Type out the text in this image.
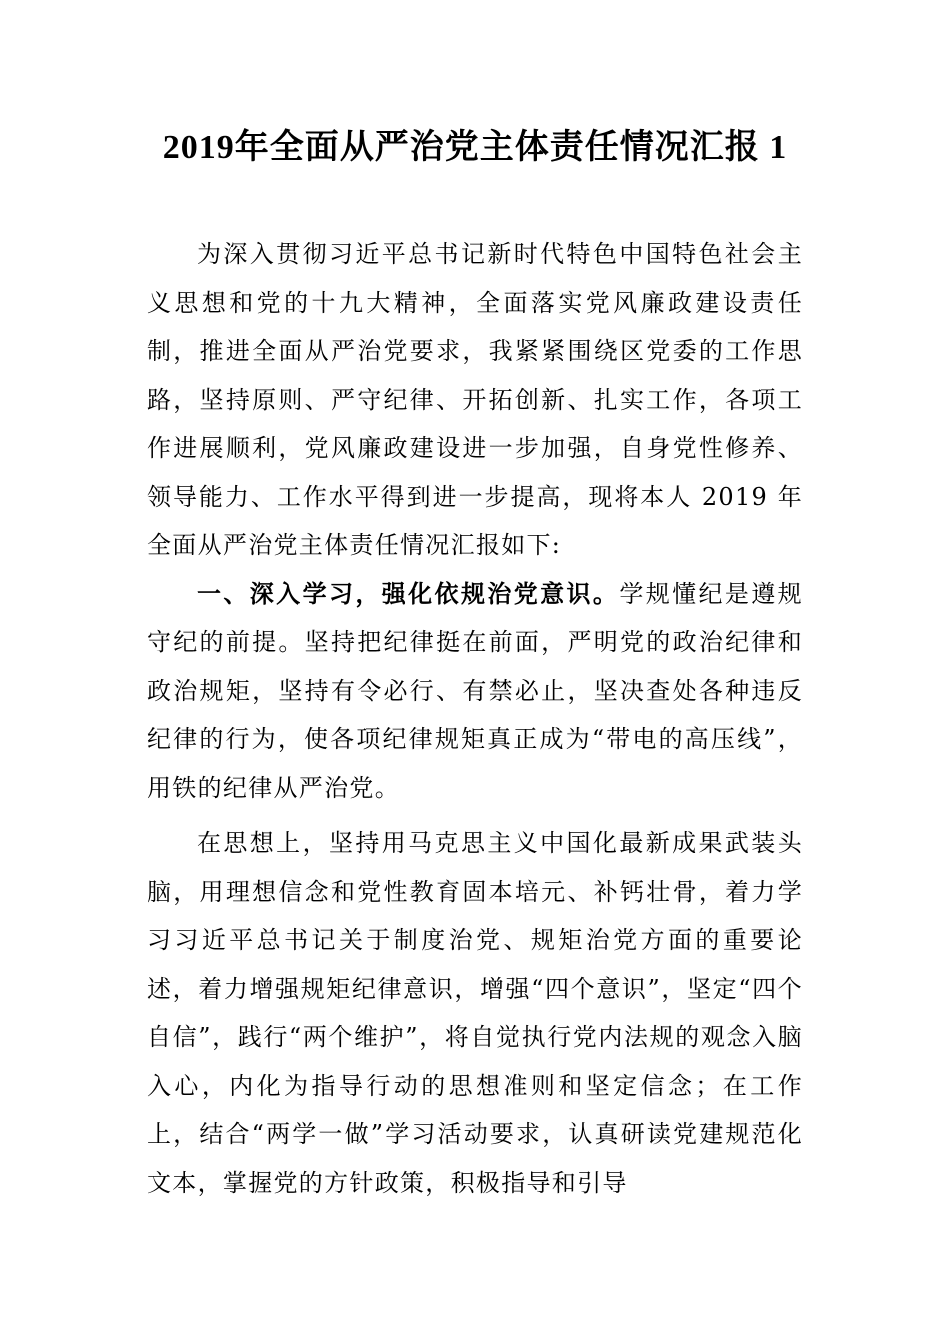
2019年全面从严治党主体责任情况汇报 1

为深入贯彻习近平总书记新时代特色中国特色社会主义思想和党的十九大精神，全面落实党风廉政建设责任制，推进全面从严治党要求，我紧紧围绕区党委的工作思路，坚持原则、严守纪律、开拓创新、扎实工作，各项工作进展顺利，党风廉政建设进一步加强，自身党性修养、领导能力、工作水平得到进一步提高，现将本人 2019 年全面从严治党主体责任情况汇报如下:

一、深入学习，强化依规治党意识。学规懂纪是遵规守纪的前提。坚持把纪律挺在前面，严明党的政治纪律和政治规矩，坚持有令必行、有禁必止，坚决查处各种违反纪律的行为，使各项纪律规矩真正成为“带电的高压线”，用铁的纪律从严治党。

在思想上，坚持用马克思主义中国化最新成果武装头脑，用理想信念和党性教育固本培元、补钙壮骨，着力学习习近平总书记关于制度治党、规矩治党方面的重要论述，着力增强规矩纪律意识，增强“四个意识”，坚定“四个自信”，践行“两个维护”，将自觉执行党内法规的观念入脑入心，内化为指导行动的思想准则和坚定信念；在工作上，结合“两学一做”学习活动要求，认真研读党建规范化文本，掌握党的方针政策，积极指导和引导
